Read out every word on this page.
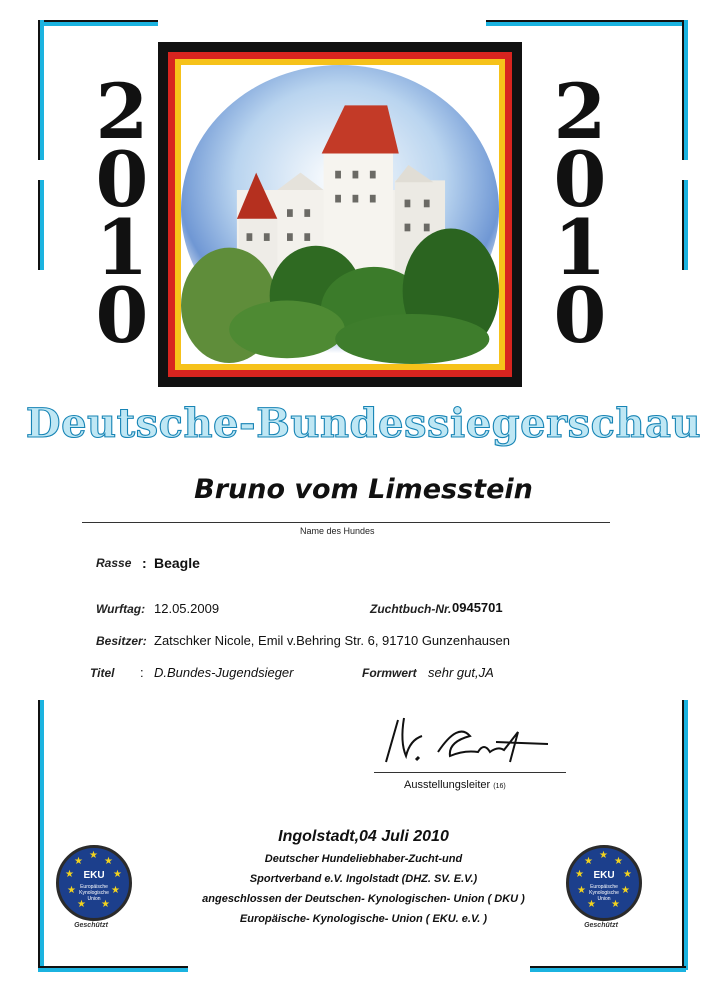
2
0
1
0
2
0
1
0
Deutsche-Bundessiegerschau
Bruno vom Limesstein
Name des Hundes
Rasse : Beagle
Wurftag: 12.05.2009	Zuchtbuch-Nr. 0945701
Besitzer: Zatschker Nicole, Emil v.Behring Str. 6, 91710 Gunzenhausen
Titel : D.Bundes-Jugendsieger	Formwert sehr gut,JA
Ausstellungsleiter (16)
Ingolstadt,04 Juli 2010
Deutscher Hundeliebhaber-Zucht-und
Sportverband e.V. Ingolstadt (DHZ. SV. E.V.)
angeschlossen der Deutschen- Kynologischen- Union ( DKU )
Europäische- Kynologische- Union ( EKU. e.V. )
★
★ ★
★	★
★	★
★ ★
EKU
Europäische Kynologische Union
Geschützt
★
★ ★
★	★
★	★
★ ★
EKU
Europäische Kynologische Union
Geschützt
